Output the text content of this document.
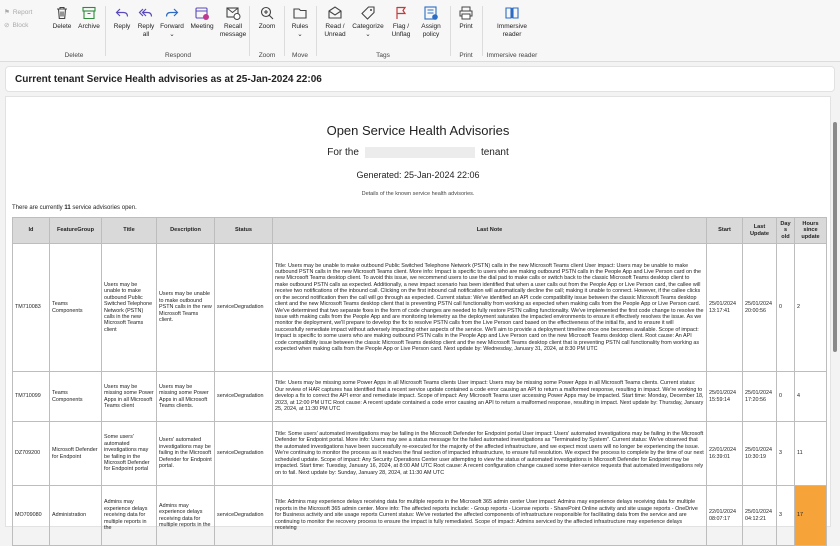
⚑ Report
⊘ Block	Delete	Archive
Delete
Reply	Reply all
Forward ⌄
Meeting	Recall message
Respond
Zoom
Zoom
Rules
⌄
Move
Read / Unread
Categorize ⌄
Flag / Unflag
Assign policy
Tags
Print
Print
Immersive reader
Immersive reader
Current tenant Service Health advisories as at 25-Jan-2024 22:06
Open Service Health Advisories
For the	tenant
Generated: 25-Jan-2024 22:06
Details of the known service health advisories.
There are currently 11 service advisories open.
Id	FeatureGroup	Title	Description	Status	Last Note	Start	Last Update	Days old	Hours since update
TM710083	Teams Components	Users may be unable to make outbound Public Switched Telephone Network (PSTN) calls in the new Microsoft Teams client	Users may be unable to make outbound PSTN calls in the new Microsoft Teams client.	serviceDegradation	Title: Users may be unable to make outbound Public Switched Telephone Network (PSTN) calls in the new Microsoft Teams client User impact: Users may be unable to make outbound PSTN calls in the new Microsoft Teams client. More info: Impact is specific to users who are making outbound PSTN calls in the People App and Live Person card on the new Microsoft Teams desktop client. To avoid this issue, we recommend users to use the dial pad to make calls or switch back to the classic Microsoft Teams desktop client to make outbound PSTN calls as expected. Additionally, a new impact scenario has been identified that when a user calls out from the People App or Live Person card, the callee will receive two notifications of the inbound call. Clicking on the first inbound call notification will automatically decline the call; making it unable to connect. However, if the callee clicks on the second notification then the call will go through as expected. Current status: We've identified an API code compatibility issue between the classic Microsoft Teams desktop client and the new Microsoft Teams desktop client that is preventing PSTN call functionality from working as expected when making calls from the People App or Live Person card. We've determined that two separate fixes in the form of code changes are needed to fully restore PSTN calling functionality. We've implemented the first code change to resolve the issue with making calls from the People App and are monitoring telemetry as the deployment saturates the impacted environments to ensure it effectively resolves the issue. As we monitor the deployment, we'll prepare to develop the fix to resolve PSTN calls from the Live Person card based on the effectiveness of the initial fix, and to ensure it will successfully remediate impact without adversely impacting other aspects of the service. We'll aim to provide a deployment timeline once one becomes available. Scope of impact: Impact is specific to some users who are making outbound PSTN calls in the People App and Live Person card on the new Microsoft Teams desktop client. Root cause: An API code compatibility issue between the classic Microsoft Teams desktop client and the new Microsoft Teams desktop client that is preventing PSTN call functionality from working as expected when making calls from the People App or Live Person card. Next update by: Wednesday, January 31, 2024, at 8:30 PM UTC	25/01/2024 13:17:41	25/01/2024 20:00:56	0	2
TM710099	Teams Components	Users may be missing some Power Apps in all Microsoft Teams client	Users may be missing some Power Apps in all Microsoft Teams clients.	serviceDegradation	Title: Users may be missing some Power Apps in all Microsoft Teams clients User impact: Users may be missing some Power Apps in all Microsoft Teams clients. Current status: Our review of HAR captures has identified that a recent service update contained a code error causing an API to return a malformed response, resulting in impact. We're working to develop a fix to correct the API error and remediate impact. Scope of impact: Any Microsoft Teams user accessing Power Apps may be impacted. Start time: Monday, December 18, 2023, at 12:00 PM UTC Root cause: A recent update contained a code error causing an API to return a malformed response, resulting in impact. Next update by: Thursday, January 25, 2024, at 11:30 PM UTC	25/01/2024 15:59:14	25/01/2024 17:20:56	0	4
DZ709200	Microsoft Defender for Endpoint	Some users' automated investigations may be failing in the Microsoft Defender for Endpoint portal	Users' automated investigations may be failing in the Microsoft Defender for Endpoint portal.	serviceDegradation	Title: Some users' automated investigations may be failing in the Microsoft Defender for Endpoint portal User impact: Users' automated investigations may be failing in the Microsoft Defender for Endpoint portal. More info: Users may see a status message for the failed automated investigations as "Terminated by System". Current status: We've observed that the automated investigations have been successfully re-executed for the majority of the affected infrastructure, and we expect most users will no longer be experiencing the issue. We're continuing to monitor the process as it reaches the final section of impacted infrastructure, to ensure full resolution. We expect the process to complete by the time of our next scheduled update. Scope of impact: Any Security Operations Center user attempting to view the status of automated investigations in Microsoft Defender for Endpoint may be impacted. Start time: Tuesday, January 16, 2024, at 8:00 AM UTC Root cause: A recent configuration change caused some inter-service requests that automated investigations rely on to fail. Next update by: Sunday, January 28, 2024, at 11:30 AM UTC	22/01/2024 16:39:01	25/01/2024 10:30:19	3	11
MO709080	Administration	Admins may experience delays receiving data for multiple reports in the	Admins may experience delays receiving data for multiple reports in the	serviceDegradation	Title: Admins may experience delays receiving data for multiple reports in the Microsoft 365 admin center User impact: Admins may experience delays receiving data for multiple reports in the Microsoft 365 admin center. More info: The affected reports include: - Group reports - License reports - SharePoint Online activity and site usage reports - OneDrive for Business activity and site usage reports Current status: We've restarted the affected components of infrastructure responsible for facilitating data from the service and are continuing to monitor the recovery process to ensure the impact is fully remediated. Scope of impact: Admins serviced by the affected infrastructure may experience delays receiving	22/01/2024 08:07:17	25/01/2024 04:12:21	3	17
